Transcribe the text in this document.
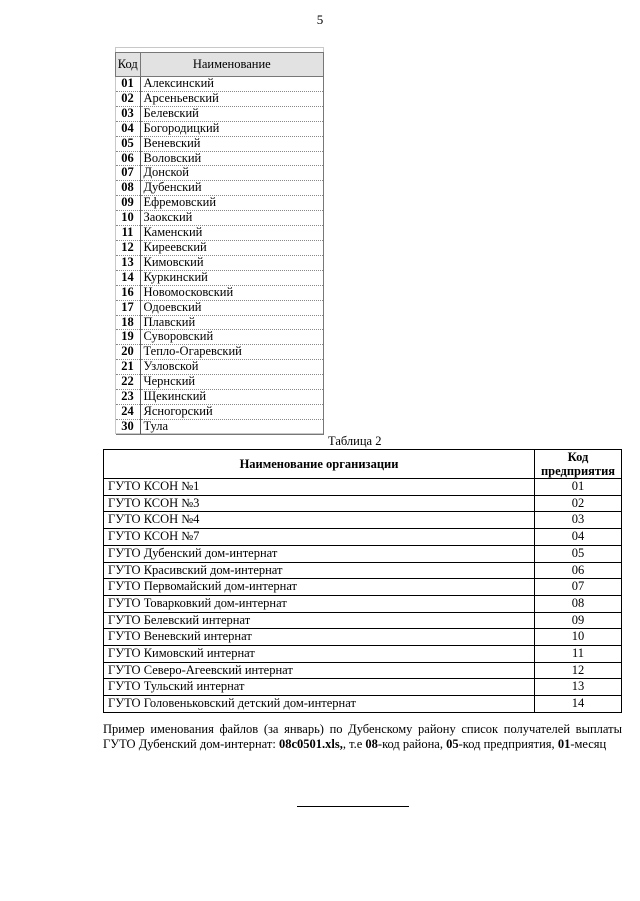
5
Код	Наименование
01	Алексинский
02	Арсеньевский
03	Белевский
04	Богородицкий
05	Веневский
06	Воловский
07	Донской
08	Дубенский
09	Ефремовский
10	Заокский
11	Каменский
12	Киреевский
13	Кимовский
14	Куркинский
16	Новомосковский
17	Одоевский
18	Плавский
19	Суворовский
20	Тепло-Огаревский
21	Узловской
22	Чернский
23	Щекинский
24	Ясногорский
30	Тула
Таблица 2
Наименование организации	Код
предприятия
ГУТО КСОН №1	01
ГУТО КСОН №3	02
ГУТО КСОН №4	03
ГУТО КСОН №7	04
ГУТО Дубенский дом-интернат	05
ГУТО Красивский дом-интернат	06
ГУТО Первомайский дом-интернат	07
ГУТО Товарковкий дом-интернат	08
ГУТО Белевский интернат	09
ГУТО Веневский интернат	10
ГУТО Кимовский интернат	11
ГУТО Северо-Агеевский интернат	12
ГУТО Тульский интернат	13
ГУТО Головеньковский детский дом-интернат	14
Пример именования файлов (за январь) по Дубенскому району список получателей выплаты ГУТО Дубенский дом-интернат: 08с0501.xls,, т.е 08-код района, 05-код предприятия, 01-месяц
